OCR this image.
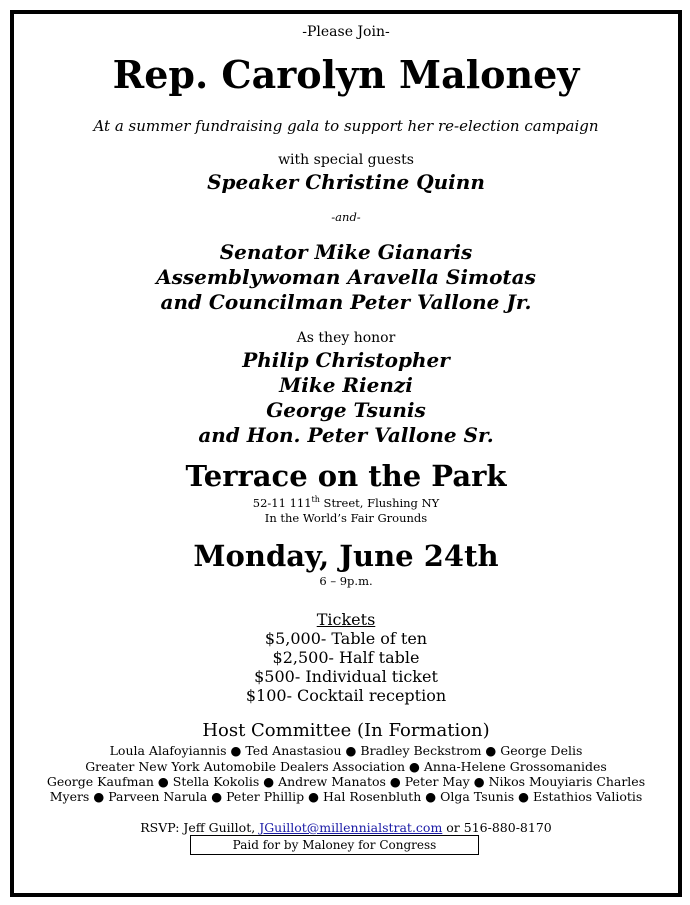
-Please Join-
Rep. Carolyn Maloney
At a summer fundraising gala to support her re-election campaign
with special guests
Speaker Christine Quinn
-and-
Senator Mike Gianaris
Assemblywoman Aravella Simotas
and Councilman Peter Vallone Jr.
As they honor
Philip Christopher
Mike Rienzi
George Tsunis
and Hon. Peter Vallone Sr.
Terrace on the Park
52-11 111th Street, Flushing NY
In the World’s Fair Grounds
Monday, June 24th
6 – 9p.m.
Tickets
$5,000- Table of ten
$2,500- Half table
$500- Individual ticket
$100- Cocktail reception
Host Committee (In Formation)
Loula Alafoyiannis ● Ted Anastasiou ● Bradley Beckstrom ● George Delis
Greater New York Automobile Dealers Association ● Anna-Helene Grossomanides
George Kaufman ● Stella Kokolis ● Andrew Manatos ● Peter May ● Nikos Mouyiaris Charles
Myers ● Parveen Narula ● Peter Phillip ● Hal Rosenbluth ● Olga Tsunis ● Estathios Valiotis
RSVP: Jeff Guillot, JGuillot@millennialstrat.com or 516-880-8170
Paid for by Maloney for Congress
